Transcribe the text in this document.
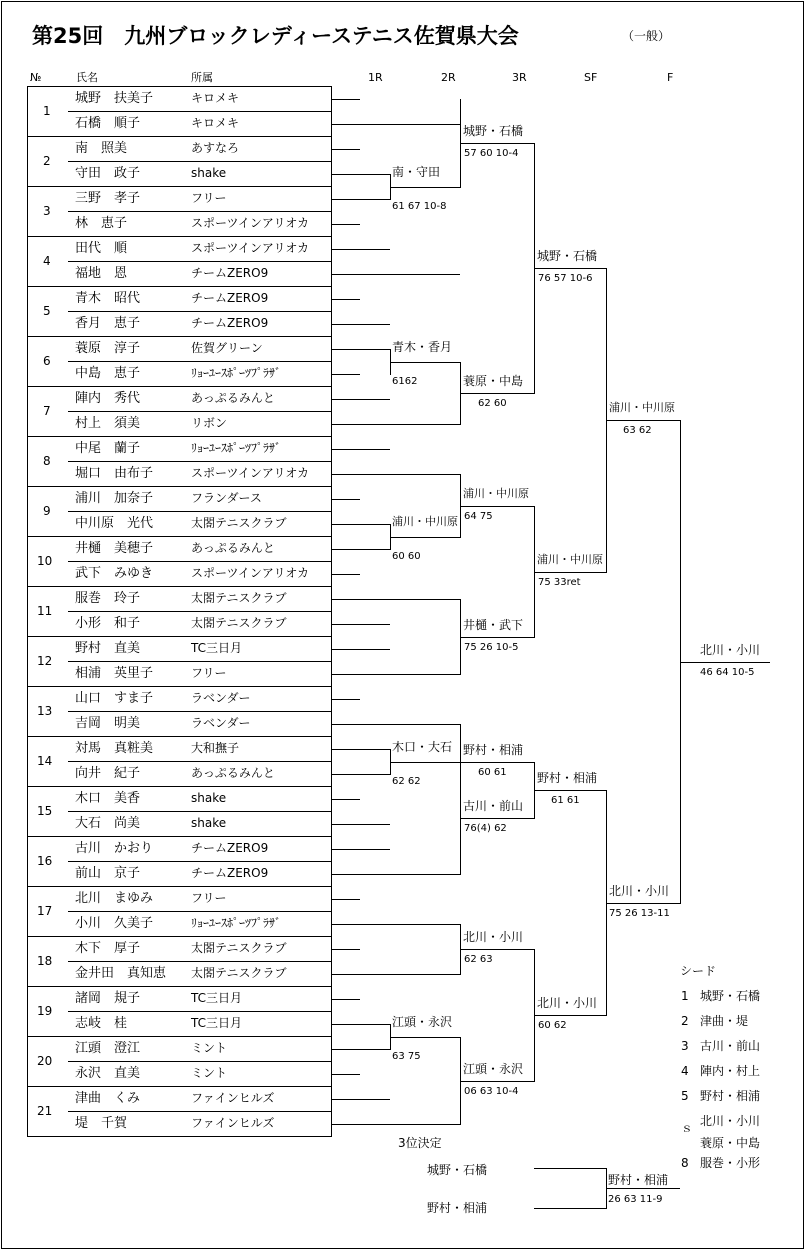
第25回　九州ブロックレディーステニス佐賀県大会	（一般）
№	氏名	所属	1R	2R	3R	SF	F
1
城野　扶美子	キロメキ
石橋　順子	キロメキ
2
南　照美	あすなろ
守田　政子	shake
3
三野　孝子	フリー
林　恵子	スポーツインアリオカ
4
田代　順	スポーツインアリオカ
福地　恩	チームZERO9
5
青木　昭代	チームZERO9
香月　恵子	チームZERO9
6
蓑原　淳子	佐賀グリーン
中島　恵子	ﾘｮｰﾕｰｽﾎﾟｰﾂﾌﾟﾗｻﾞ
7
陣内　秀代	あっぷるみんと
村上　須美	リボン
8
中尾　蘭子	ﾘｮｰﾕｰｽﾎﾟｰﾂﾌﾟﾗｻﾞ
堀口　由布子	スポーツインアリオカ
9
浦川　加奈子	フランダース
中川原　光代	太閤テニスクラブ
10
井樋　美穂子	あっぷるみんと
武下　みゆき	スポーツインアリオカ
11
服巻　玲子	太閤テニスクラブ
小形　和子	太閤テニスクラブ
12
野村　直美	TC三日月
相浦　英里子	フリー
13
山口　すま子	ラベンダー
吉岡　明美	ラベンダー
14
対馬　真粧美	大和撫子
向井　紀子	あっぷるみんと
15
木口　美香	shake
大石　尚美	shake
16
古川　かおり	チームZERO9
前山　京子	チームZERO9
17
北川　まゆみ	フリー
小川　久美子	ﾘｮｰﾕｰｽﾎﾟｰﾂﾌﾟﾗｻﾞ
18
木下　厚子	太閤テニスクラブ
金井田　真知恵 太閤テニスクラブ
19
諸岡　規子	TC三日月
志岐　桂	TC三日月
20
江頭　澄江	ミント
永沢　直美	ミント
21
津曲　くみ	ファインヒルズ
堤　千賀	ファインヒルズ
南・守田
61 67 10-8
青木・香月
6162
浦川・中川原
60 60
木口・大石
62 62
江頭・永沢
63 75
城野・石橋
57 60 10-4
蓑原・中島
62 60
浦川・中川原
64 75
井樋・武下
75 26 10-5
野村・相浦
60 61
古川・前山
76(4) 62
北川・小川
62 63
江頭・永沢
06 63 10-4
城野・石橋
76 57 10-6
浦川・中川原
75 33ret
野村・相浦
61 61
北川・小川
60 62
浦川・中川原
63 62
北川・小川
75 26 13-11
北川・小川
46 64 10-5
シード
1 城野・石橋
2 津曲・堤
3 古川・前山
4 陣内・村上
5 野村・相浦
北川・小川
蓑原・中島
8 服巻・小形
ｓ
3位決定
城野・石橋
野村・相浦
野村・相浦
26 63 11-9
